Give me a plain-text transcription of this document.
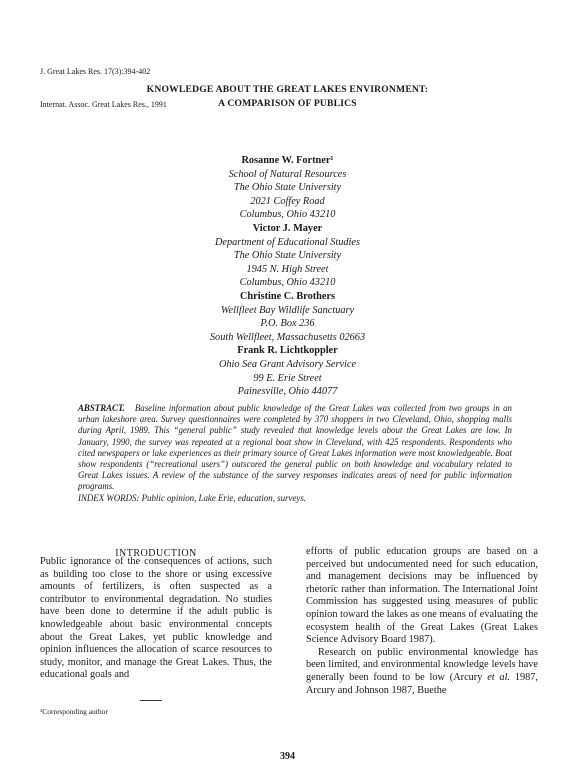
J. Great Lakes Res. 17(3):394-402

Internat. Assoc. Great Lakes Res., 1991

KNOWLEDGE ABOUT THE GREAT LAKES ENVIRONMENT:
A COMPARISON OF PUBLICS
Rosanne W. Fortner¹
School of Natural Resources
The Ohio State University
2021 Coffey Road
Columbus, Ohio 43210
Victor J. Mayer
Department of Educational Studies
The Ohio State University
1945 N. High Street
Columbus, Ohio 43210
Christine C. Brothers
Wellfleet Bay Wildlife Sanctuary
P.O. Box 236
South Wellfleet, Massachusetts 02663
Frank R. Lichtkoppler
Ohio Sea Grant Advisory Service
99 E. Erie Street
Painesville, Ohio 44077
ABSTRACT. Baseline information about public knowledge of the Great Lakes was collected from two groups in an urban lakeshore area. Survey questionnaires were completed by 370 shoppers in two Cleveland, Ohio, shopping malls during April, 1989. This “general public” study revealed that knowledge levels about the Great Lakes are low. In January, 1990, the survey was repeated at a regional boat show in Cleveland, with 425 respondents. Respondents who cited newspapers or lake experiences as their primary source of Great Lakes information were most knowledgeable. Boat show respondents (“recreational users”) outscored the general public on both knowledge and vocabulary related to Great Lakes issues. A review of the substance of the survey responses indicates areas of need for public information programs.
INDEX WORDS: Public opinion, Lake Erie, education, surveys.
INTRODUCTION

Public ignorance of the consequences of actions, such as building too close to the shore or using excessive amounts of fertilizers, is often suspected as a contributor to environmental degradation. No studies have been done to determine if the adult public is knowledgeable about basic environmental concepts about the Great Lakes, yet public knowledge and opinion influences the allocation of scarce resources to study, monitor, and manage the Great Lakes. Thus, the educational goals and

efforts of public education groups are based on a perceived but undocumented need for such education, and management decisions may be influenced by rhetoric rather than information. The International Joint Commission has suggested using measures of public opinion toward the lakes as one means of evaluating the ecosystem health of the Great Lakes (Great Lakes Science Advisory Board 1987).

Research on public environmental knowledge has been limited, and environmental knowledge levels have generally been found to be low (Arcury et al. 1987, Arcury and Johnson 1987, Buethe

¹Corresponding author
394
